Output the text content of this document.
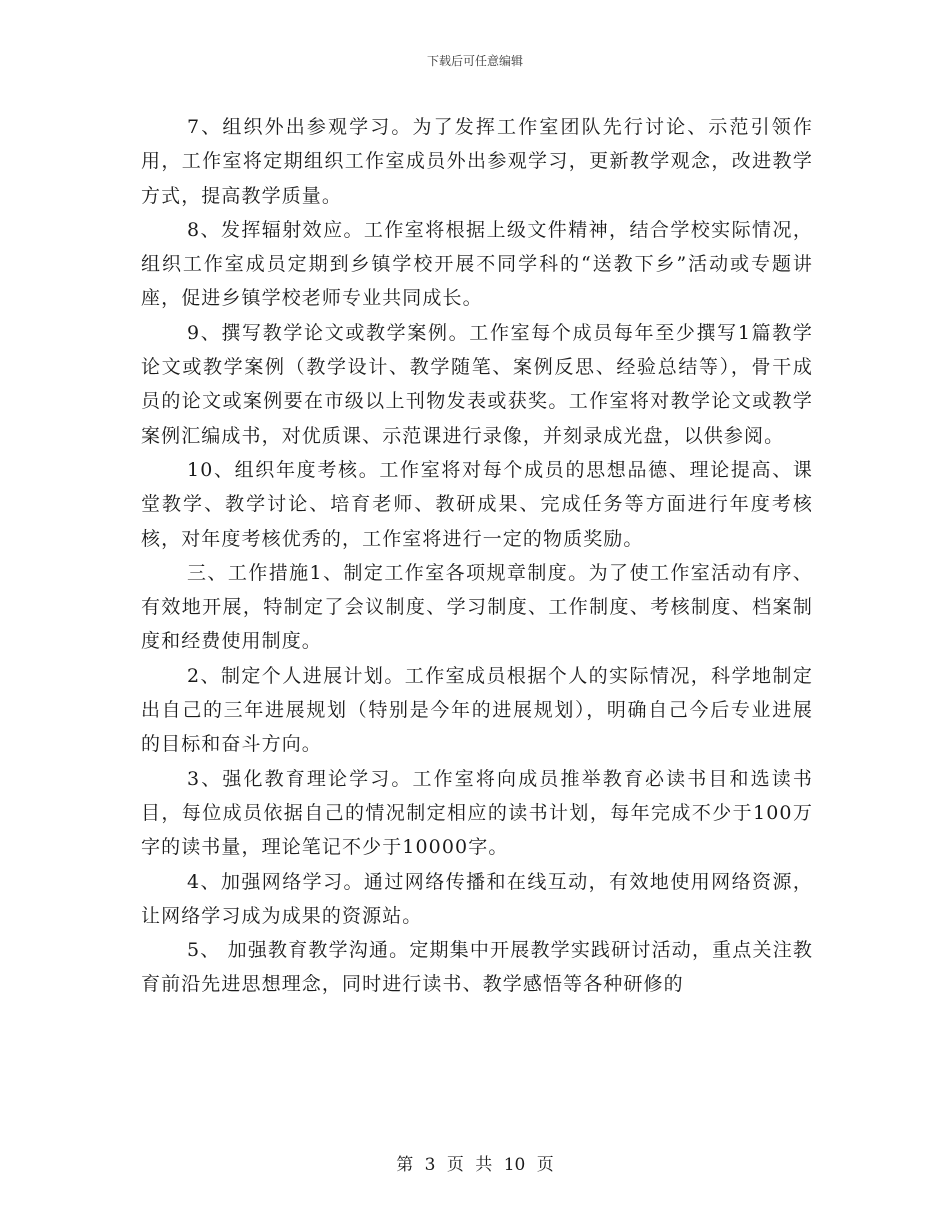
下载后可任意编辑

7、组织外出参观学习。为了发挥工作室团队先行讨论、示范引领作用，工作室将定期组织工作室成员外出参观学习，更新教学观念，改进教学方式，提高教学质量。

8、发挥辐射效应。工作室将根据上级文件精神，结合学校实际情况，组织工作室成员定期到乡镇学校开展不同学科的“送教下乡”活动或专题讲座，促进乡镇学校老师专业共同成长。

9、撰写教学论文或教学案例。工作室每个成员每年至少撰写1篇教学论文或教学案例（教学设计、教学随笔、案例反思、经验总结等），骨干成员的论文或案例要在市级以上刊物发表或获奖。工作室将对教学论文或教学案例汇编成书，对优质课、示范课进行录像，并刻录成光盘，以供参阅。

10、组织年度考核。工作室将对每个成员的思想品德、理论提高、课堂教学、教学讨论、培育老师、教研成果、完成任务等方面进行年度考核核，对年度考核优秀的，工作室将进行一定的物质奖励。

三、工作措施1、制定工作室各项规章制度。为了使工作室活动有序、有效地开展，特制定了会议制度、学习制度、工作制度、考核制度、档案制度和经费使用制度。

2、制定个人进展计划。工作室成员根据个人的实际情况，科学地制定出自己的三年进展规划（特别是今年的进展规划），明确自己今后专业进展的目标和奋斗方向。

3、强化教育理论学习。工作室将向成员推举教育必读书目和选读书目，每位成员依据自己的情况制定相应的读书计划，每年完成不少于100万字的读书量，理论笔记不少于10000字。

4、加强网络学习。通过网络传播和在线互动，有效地使用网络资源，让网络学习成为成果的资源站。

5、 加强教育教学沟通。定期集中开展教学实践研讨活动，重点关注教育前沿先进思想理念，同时进行读书、教学感悟等各种研修的

第 3 页 共 10 页
